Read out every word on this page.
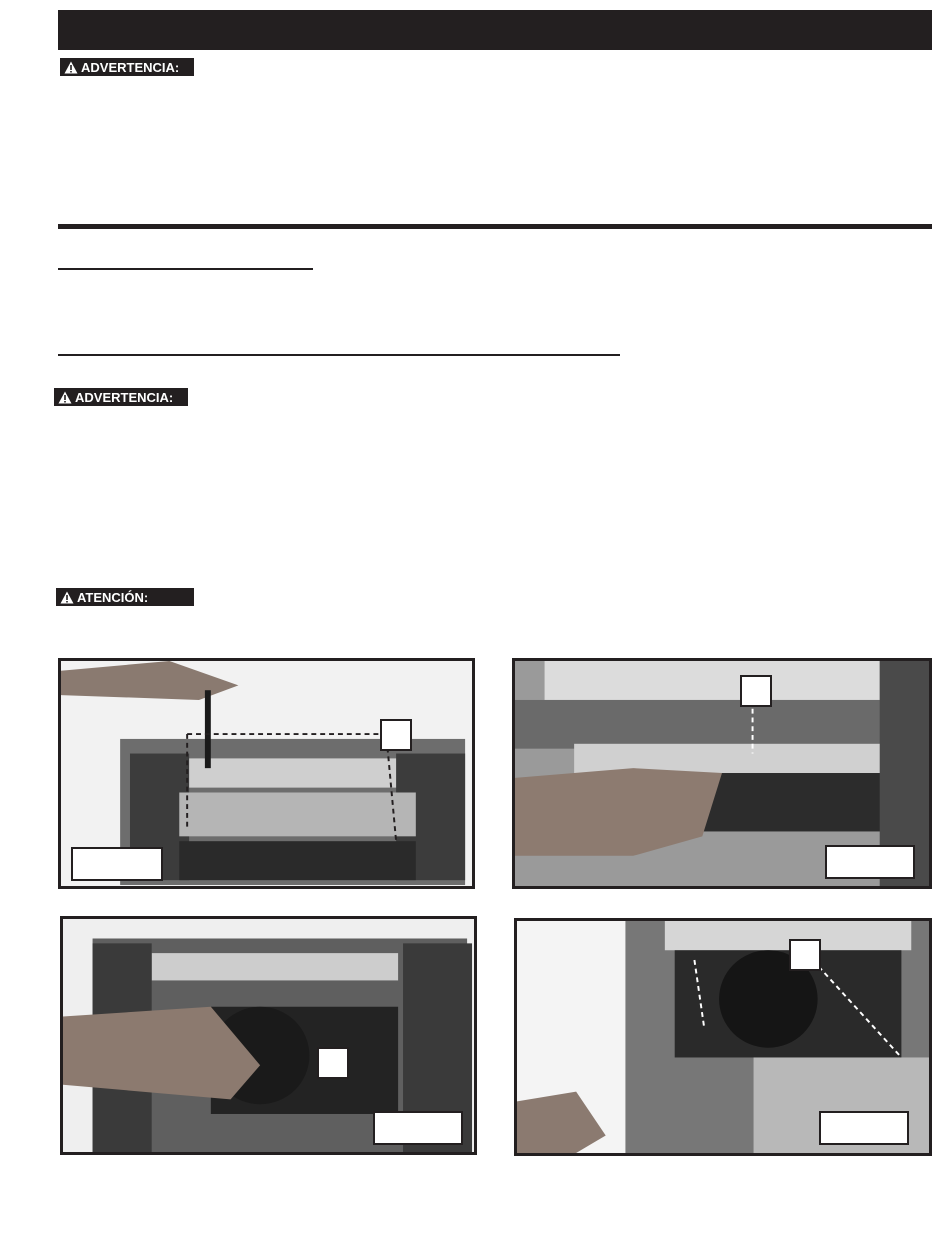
ADVERTENCIA:
ADVERTENCIA:
ATENCIÓN:
